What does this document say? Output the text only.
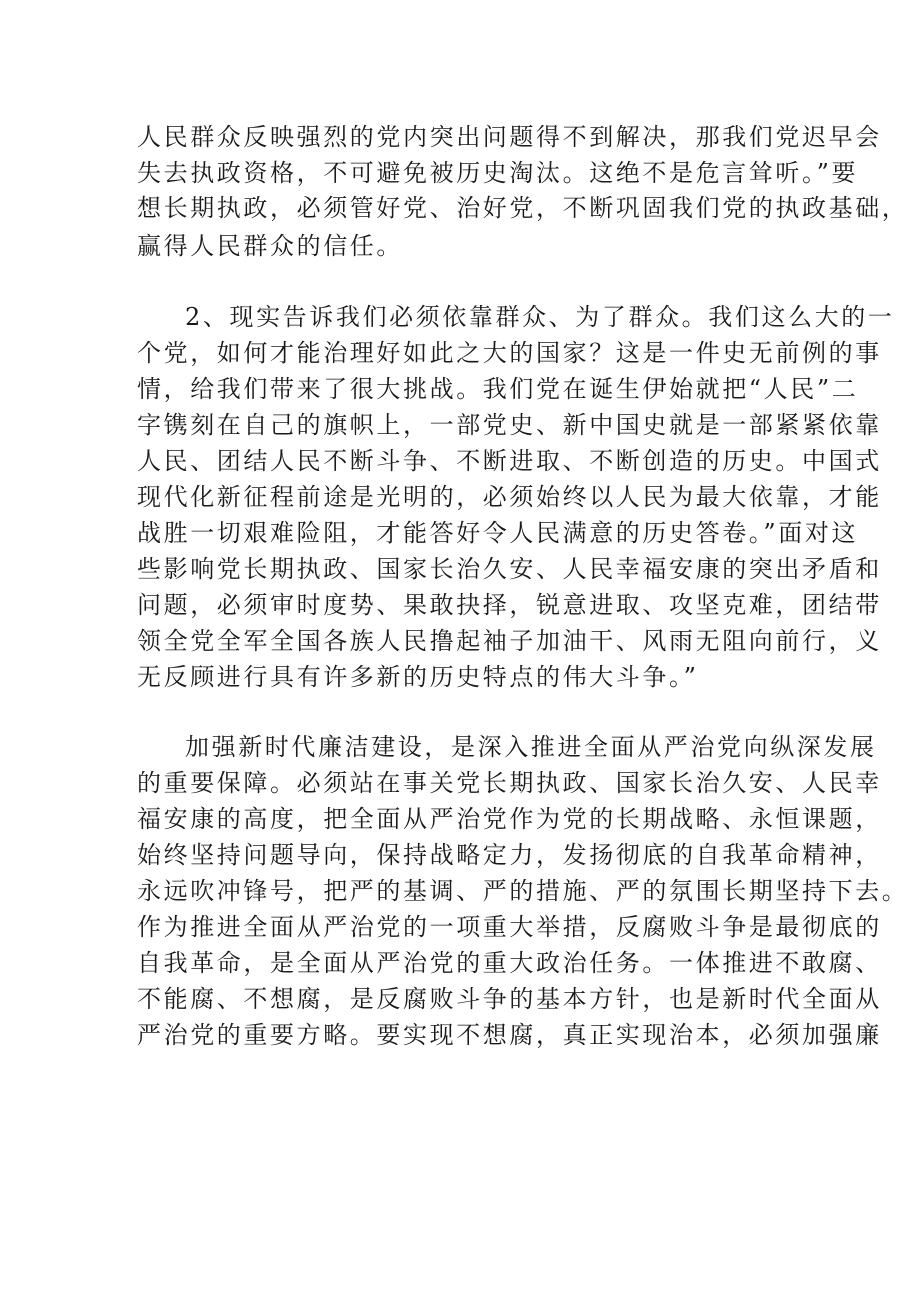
人民群众反映强烈的党内突出问题得不到解决，那我们党迟早会
失去执政资格，不可避免被历史淘汰。这绝不是危言耸听。”要
想长期执政，必须管好党、治好党，不断巩固我们党的执政基础，
赢得人民群众的信任。
2、现实告诉我们必须依靠群众、为了群众。我们这么大的一
个党，如何才能治理好如此之大的国家？这是一件史无前例的事
情，给我们带来了很大挑战。我们党在诞生伊始就把“人民”二
字镌刻在自己的旗帜上，一部党史、新中国史就是一部紧紧依靠
人民、团结人民不断斗争、不断进取、不断创造的历史。中国式
现代化新征程前途是光明的，必须始终以人民为最大依靠，才能
战胜一切艰难险阻，才能答好令人民满意的历史答卷。”面对这
些影响党长期执政、国家长治久安、人民幸福安康的突出矛盾和
问题，必须审时度势、果敢抉择，锐意进取、攻坚克难，团结带
领全党全军全国各族人民撸起袖子加油干、风雨无阻向前行，义
无反顾进行具有许多新的历史特点的伟大斗争。”
加强新时代廉洁建设，是深入推进全面从严治党向纵深发展
的重要保障。必须站在事关党长期执政、国家长治久安、人民幸
福安康的高度，把全面从严治党作为党的长期战略、永恒课题，
始终坚持问题导向，保持战略定力，发扬彻底的自我革命精神，
永远吹冲锋号，把严的基调、严的措施、严的氛围长期坚持下去。
作为推进全面从严治党的一项重大举措，反腐败斗争是最彻底的
自我革命，是全面从严治党的重大政治任务。一体推进不敢腐、
不能腐、不想腐，是反腐败斗争的基本方针，也是新时代全面从
严治党的重要方略。要实现不想腐，真正实现治本，必须加强廉
